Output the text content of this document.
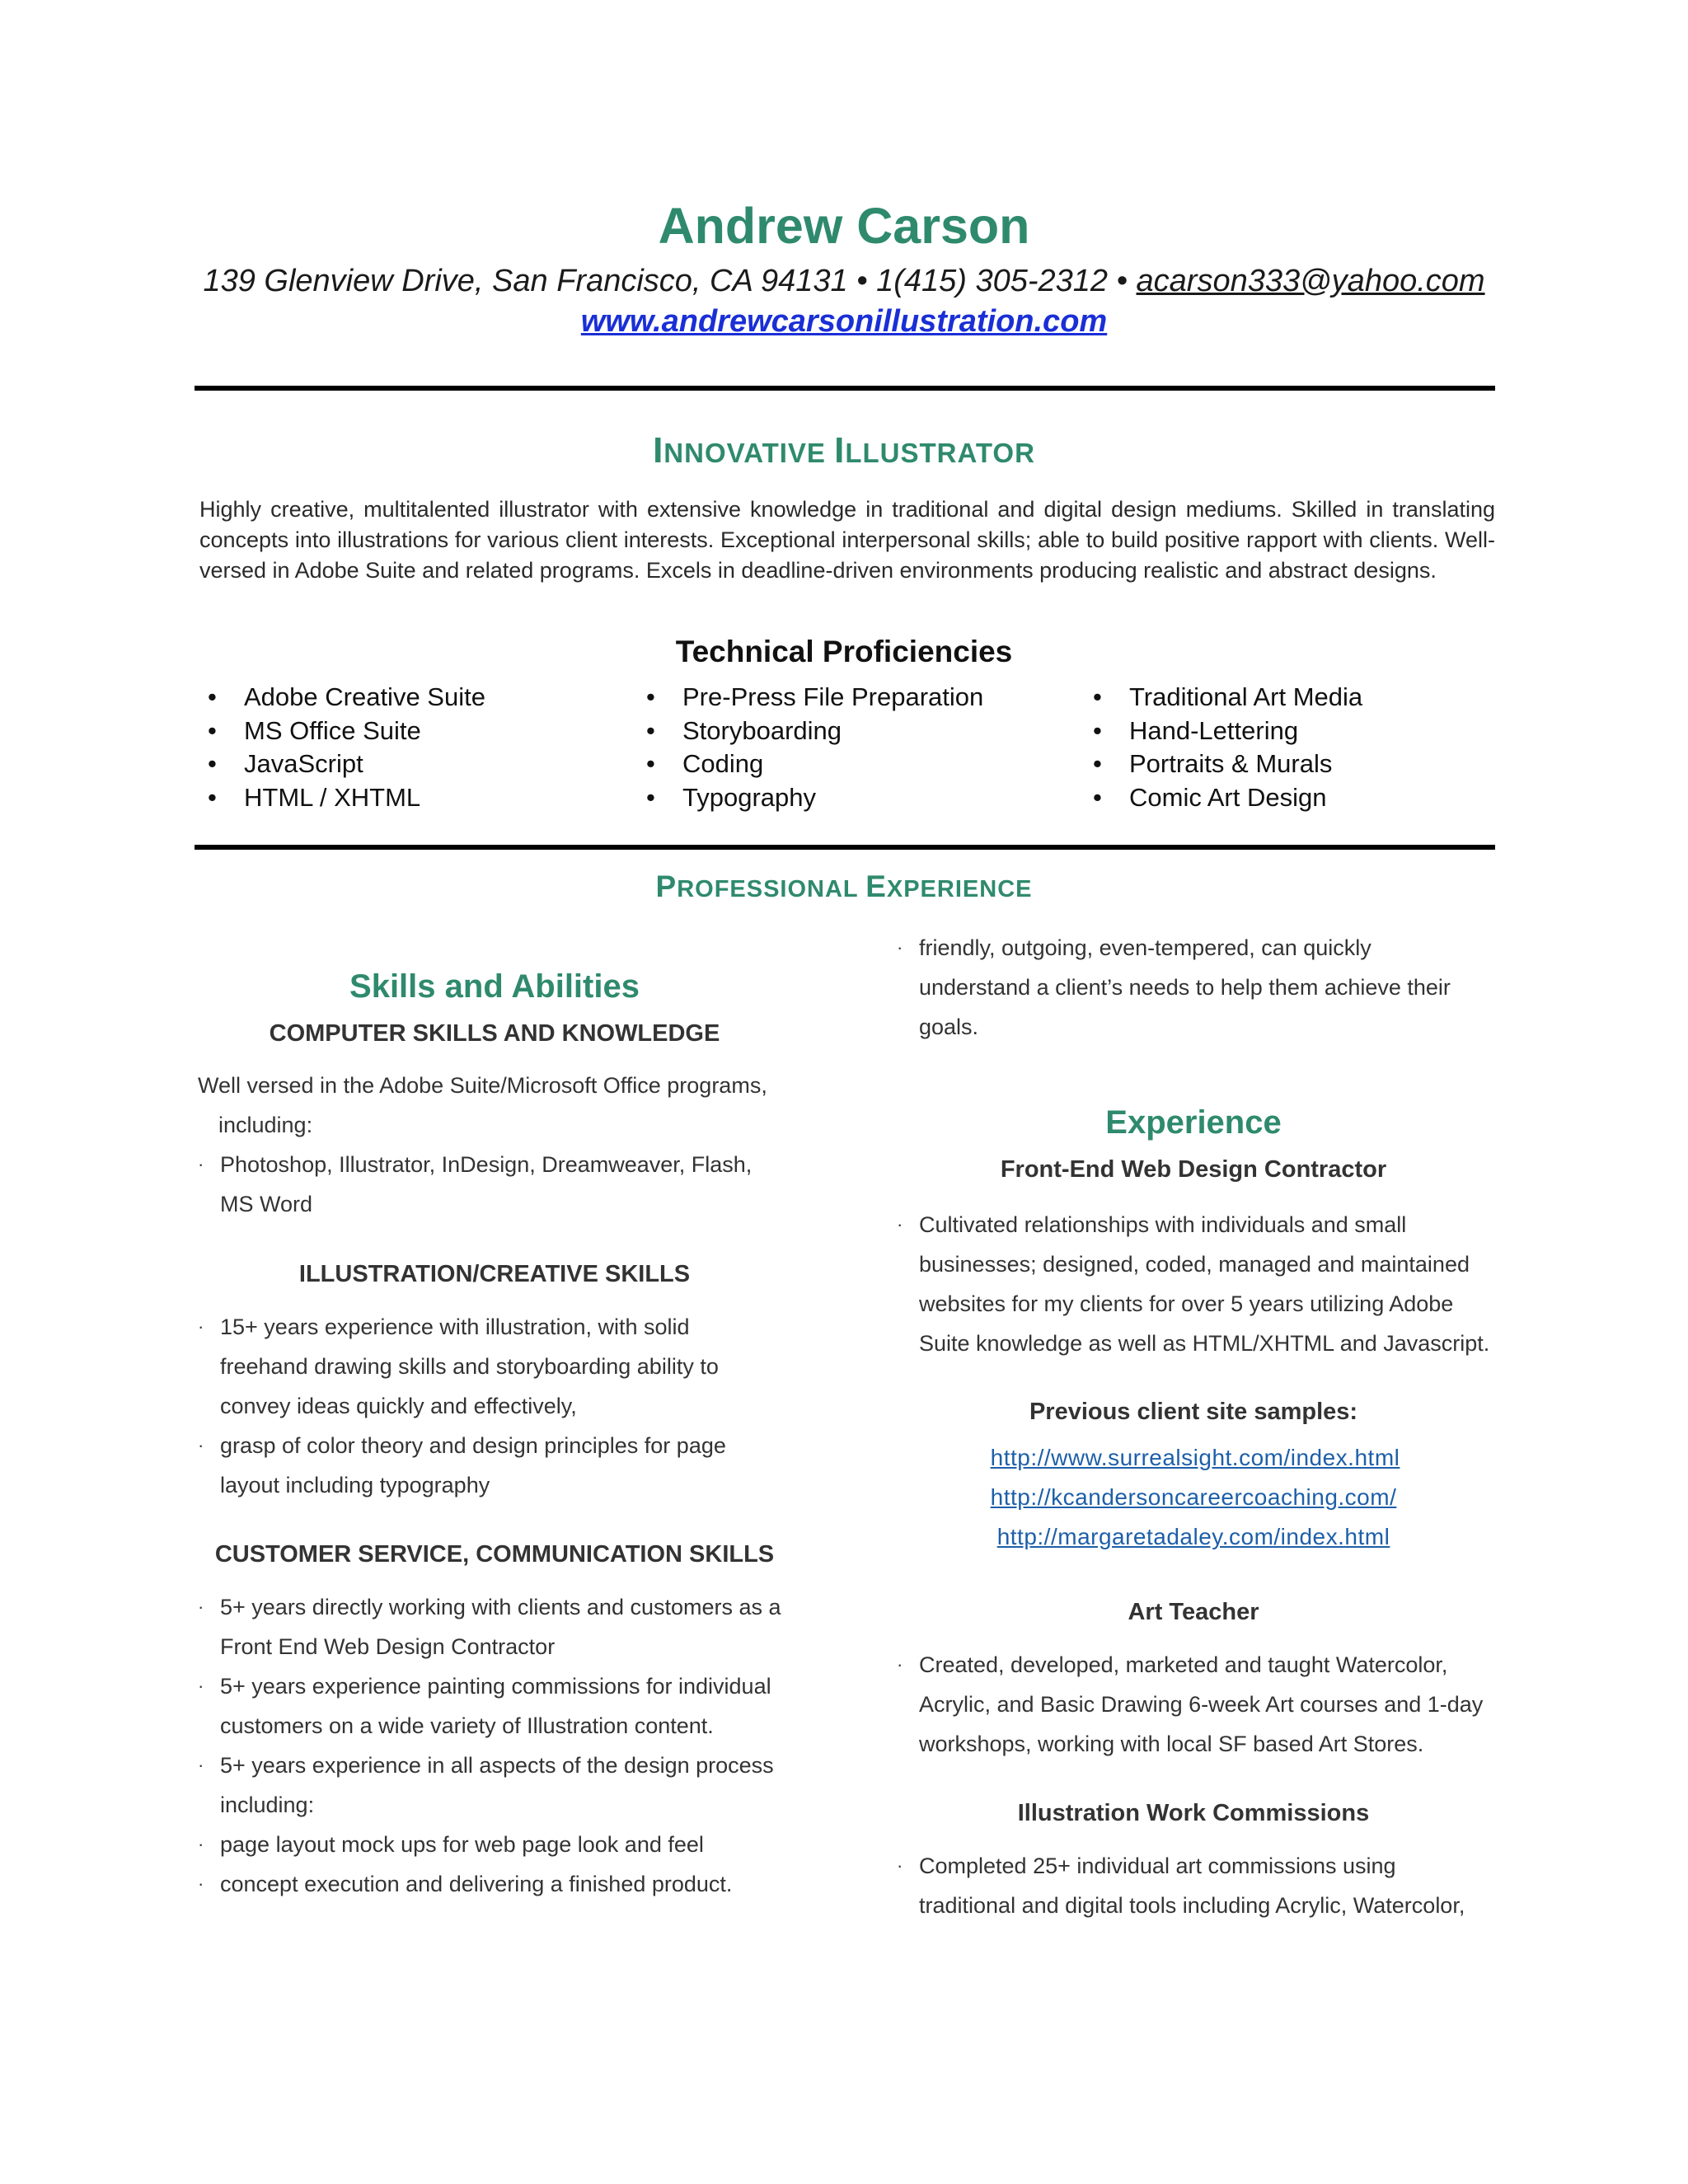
Andrew Carson
139 Glenview Drive, San Francisco, CA 94131 • 1(415) 305-2312 • acarson333@yahoo.com
www.andrewcarsonillustration.com
INNOVATIVE ILLUSTRATOR
Highly creative, multitalented illustrator with extensive knowledge in traditional and digital design mediums. Skilled in translating concepts into illustrations for various client interests. Exceptional interpersonal skills; able to build positive rapport with clients. Well-versed in Adobe Suite and related programs. Excels in deadline-driven environments producing realistic and abstract designs.
Technical Proficiencies
• Adobe Creative Suite
• MS Office Suite
• JavaScript
• HTML / XHTML
• Pre-Press File Preparation
• Storyboarding
• Coding
• Typography
• Traditional Art Media
• Hand-Lettering
• Portraits & Murals
• Comic Art Design
PROFESSIONAL EXPERIENCE
Skills and Abilities
COMPUTER SKILLS AND KNOWLEDGE
Well versed in the Adobe Suite/Microsoft Office programs,
including:
· Photoshop, Illustrator, InDesign, Dreamweaver, Flash,
MS Word
ILLUSTRATION/CREATIVE SKILLS
· 15+ years experience with illustration, with solid
freehand drawing skills and storyboarding ability to
convey ideas quickly and effectively,
· grasp of color theory and design principles for page
layout including typography
CUSTOMER SERVICE, COMMUNICATION SKILLS
· 5+ years directly working with clients and customers as a
Front End Web Design Contractor
· 5+ years experience painting commissions for individual
customers on a wide variety of Illustration content.
· 5+ years experience in all aspects of the design process
including:
· page layout mock ups for web page look and feel
· concept execution and delivering a finished product.
· friendly, outgoing, even-tempered, can quickly
understand a client’s needs to help them achieve their
goals.
Experience
Front-End Web Design Contractor
· Cultivated relationships with individuals and small
businesses; designed, coded, managed and maintained
websites for my clients for over 5 years utilizing Adobe
Suite knowledge as well as HTML/XHTML and Javascript.
Previous client site samples:
http://www.surrealsight.com/index.html
http://kcandersoncareercoaching.com/
http://margaretadaley.com/index.html
Art Teacher
· Created, developed, marketed and taught Watercolor,
Acrylic, and Basic Drawing 6-week Art courses and 1-day
workshops, working with local SF based Art Stores.
Illustration Work Commissions
· Completed 25+ individual art commissions using
traditional and digital tools including Acrylic, Watercolor,
